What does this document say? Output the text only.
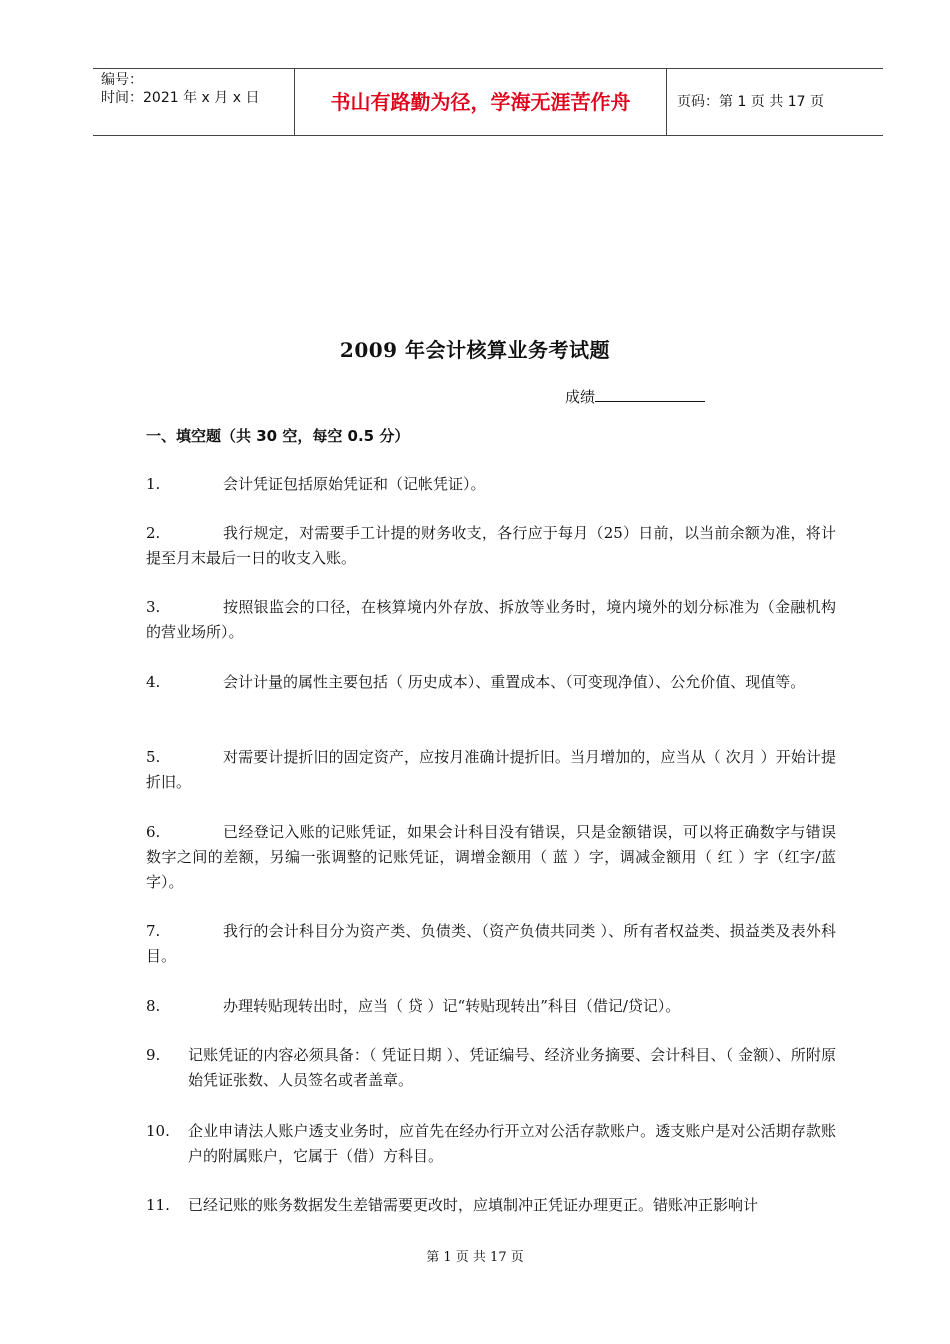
编号：
时间：2021 年 x 月 x 日	书山有路勤为径，学海无涯苦作舟	页码：第 1 页 共 17 页
2009 年会计核算业务考试题
成绩
一、填空题（共 30 空，每空 0.5 分）
1.	会计凭证包括原始凭证和（记帐凭证）。
2.	我行规定，对需要手工计提的财务收支，各行应于每月（25）日前，以当前余额为准，将计提至月末最后一日的收支入账。
3.	按照银监会的口径，在核算境内外存放、拆放等业务时，境内境外的划分标准为（金融机构的营业场所）。
4.	会计计量的属性主要包括（ 历史成本）、重置成本、（可变现净值）、公允价值、现值等。
5.	对需要计提折旧的固定资产，应按月准确计提折旧。当月增加的，应当从（ 次月 ）开始计提折旧。
6.	已经登记入账的记账凭证，如果会计科目没有错误，只是金额错误，可以将正确数字与错误数字之间的差额，另编一张调整的记账凭证，调增金额用（ 蓝 ）字，调减金额用（ 红 ）字（红字/蓝字）。
7.	我行的会计科目分为资产类、负债类、（资产负债共同类 ）、所有者权益类、损益类及表外科目。
8.	办理转贴现转出时，应当（ 贷 ）记“转贴现转出”科目（借记/贷记）。
9.	记账凭证的内容必须具备：（ 凭证日期 ）、凭证编号、经济业务摘要、会计科目、（ 金额）、所附原始凭证张数、人员签名或者盖章。
10.	企业申请法人账户透支业务时，应首先在经办行开立对公活存款账户。透支账户是对公活期存款账户的附属账户，它属于（借）方科目。
11.	已经记账的账务数据发生差错需要更改时，应填制冲正凭证办理更正。错账冲正影响计
第 1 页 共 17 页
